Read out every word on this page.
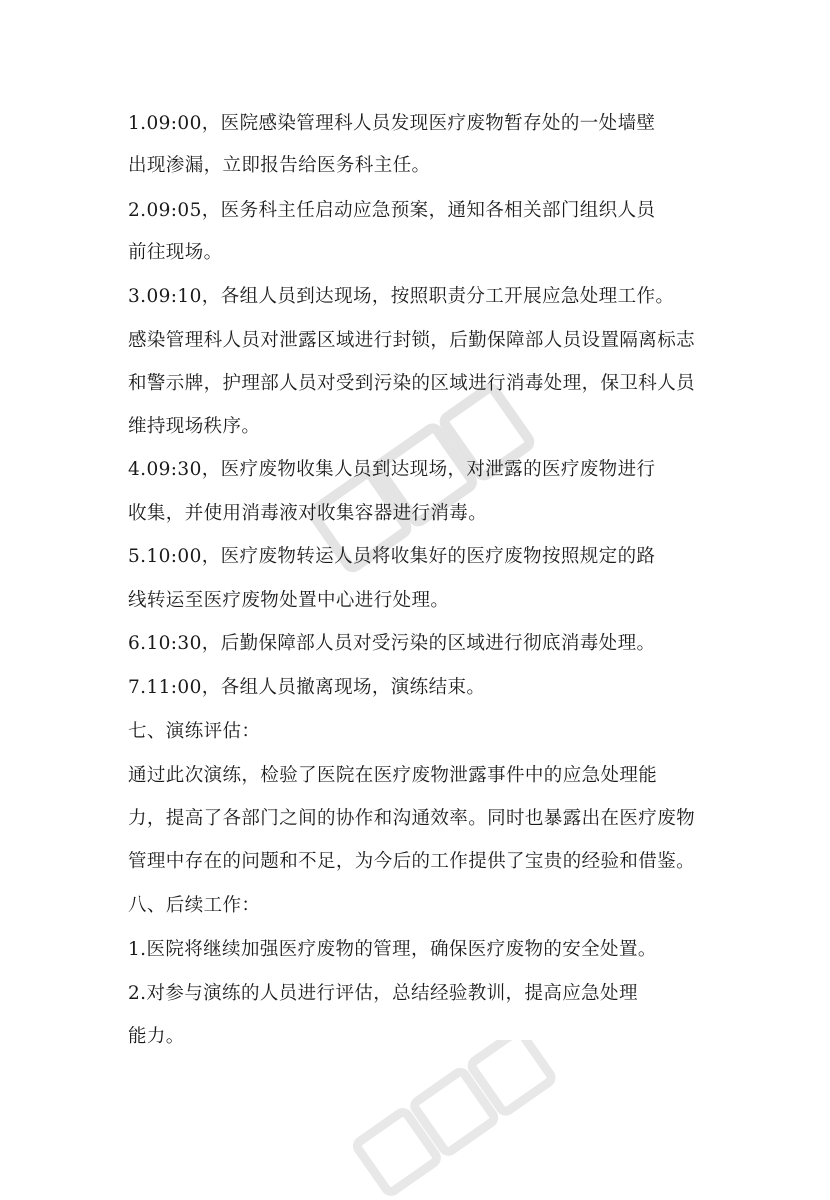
1.09:00，医院感染管理科人员发现医疗废物暂存处的一处墙壁
出现渗漏，立即报告给医务科主任。
2.09:05，医务科主任启动应急预案，通知各相关部门组织人员
前往现场。
3.09:10，各组人员到达现场，按照职责分工开展应急处理工作。
感染管理科人员对泄露区域进行封锁，后勤保障部人员设置隔离标志
和警示牌，护理部人员对受到污染的区域进行消毒处理，保卫科人员
维持现场秩序。
4.09:30，医疗废物收集人员到达现场，对泄露的医疗废物进行
收集，并使用消毒液对收集容器进行消毒。
5.10:00，医疗废物转运人员将收集好的医疗废物按照规定的路
线转运至医疗废物处置中心进行处理。
6.10:30，后勤保障部人员对受污染的区域进行彻底消毒处理。
7.11:00，各组人员撤离现场，演练结束。
七、演练评估：
通过此次演练，检验了医院在医疗废物泄露事件中的应急处理能
力，提高了各部门之间的协作和沟通效率。同时也暴露出在医疗废物
管理中存在的问题和不足，为今后的工作提供了宝贵的经验和借鉴。
八、后续工作：
1.医院将继续加强医疗废物的管理，确保医疗废物的安全处置。
2.对参与演练的人员进行评估，总结经验教训，提高应急处理
能力。
